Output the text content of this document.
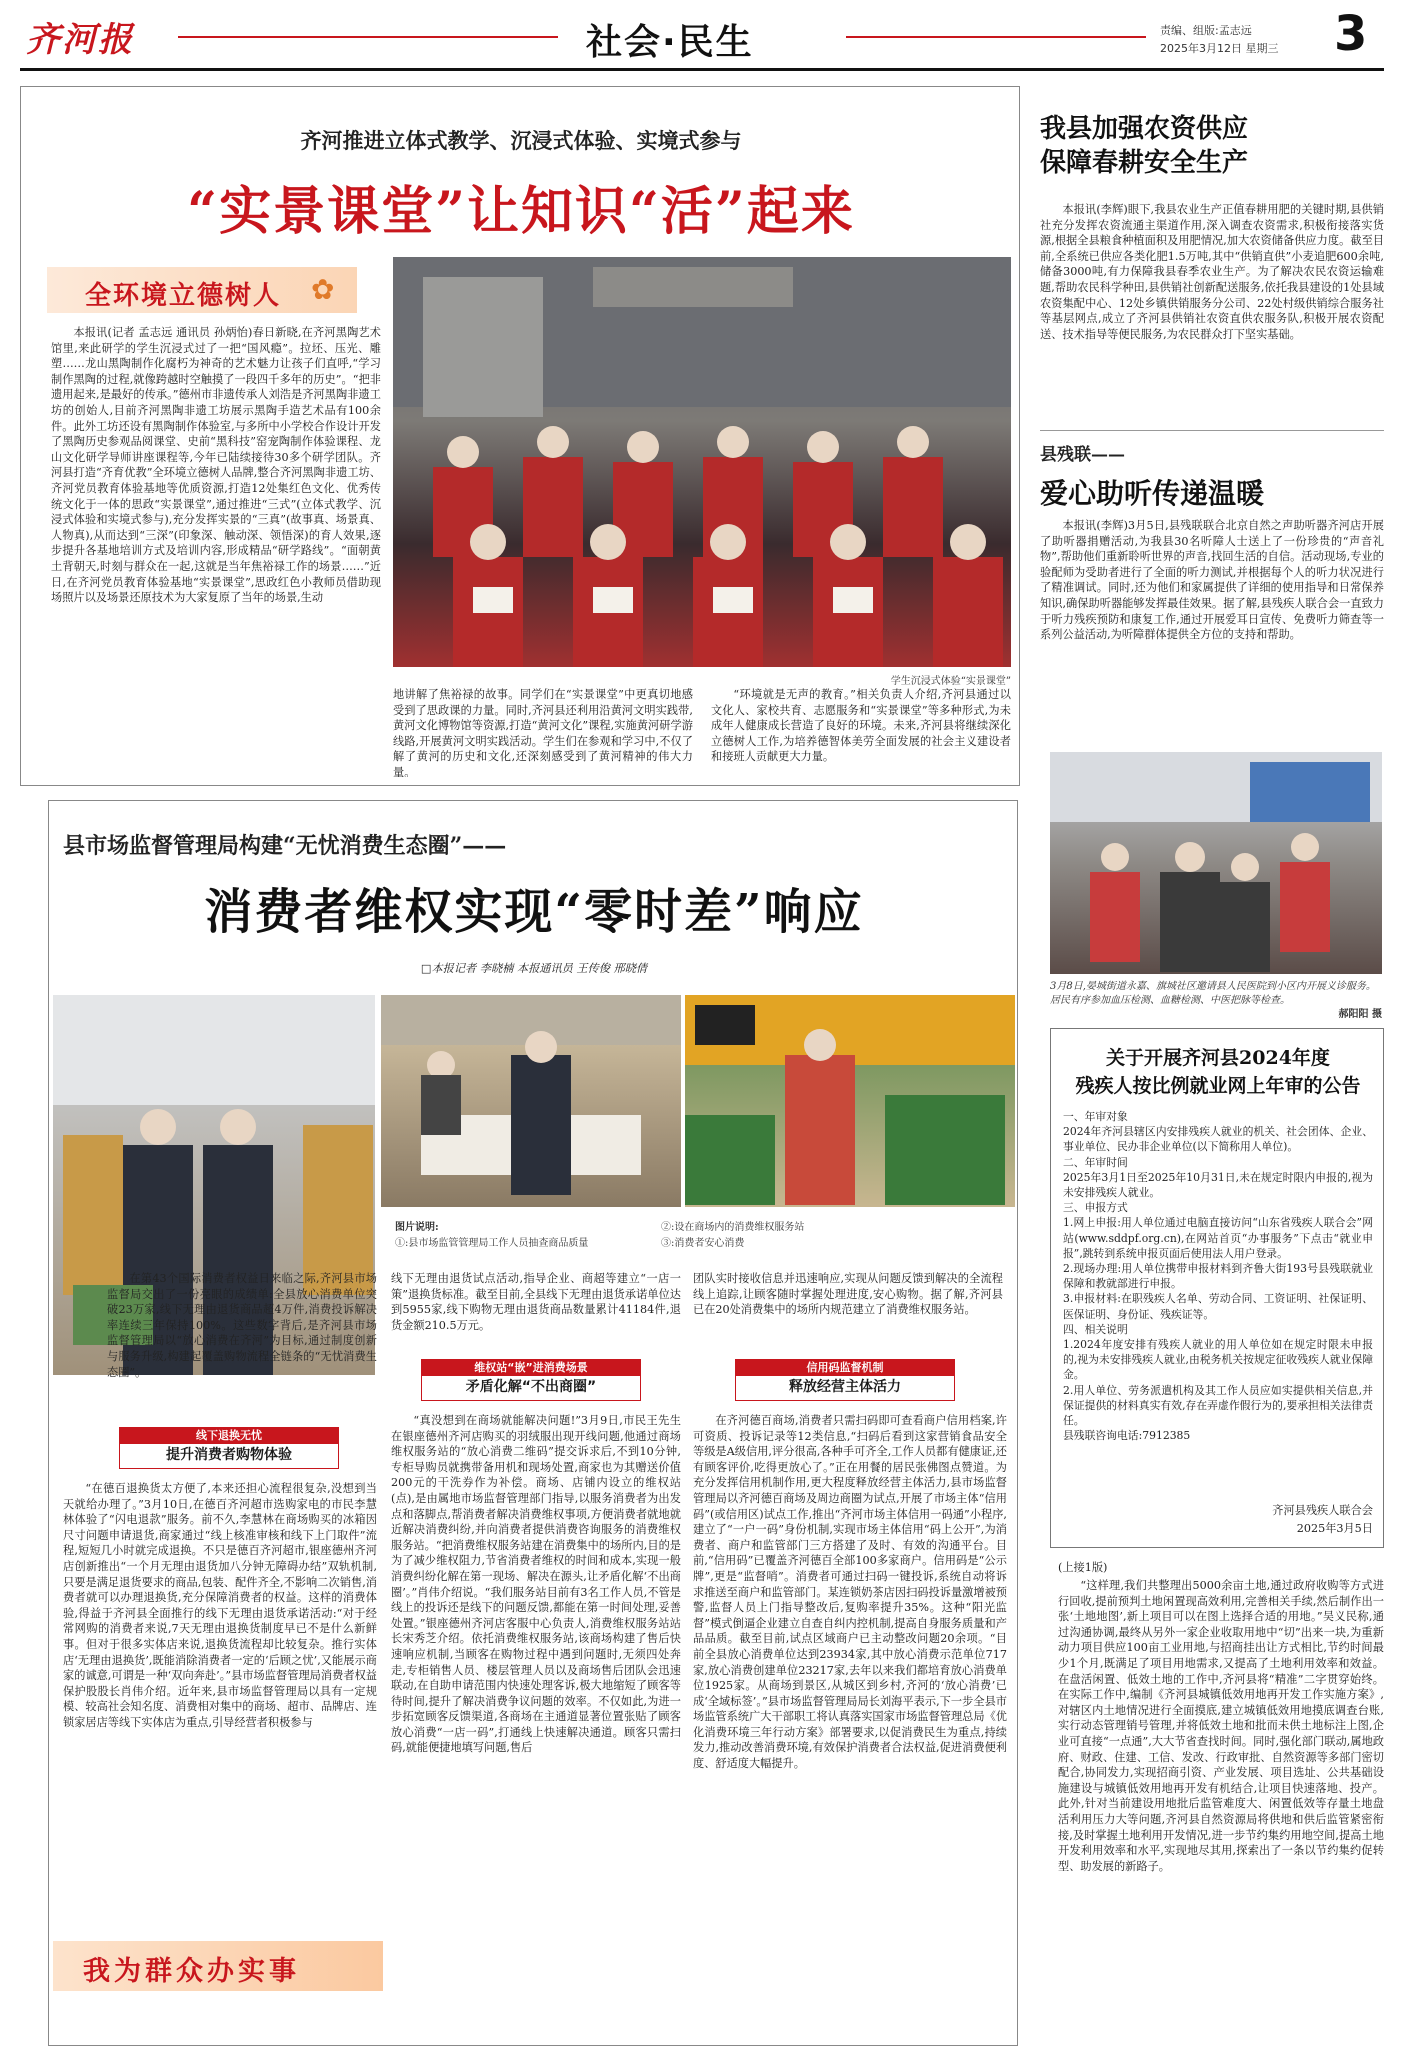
齐河报	社会·民生	责编、组版:孟志远
2025年3月12日 星期三 3
齐河推进立体式教学、沉浸式体验、实境式参与
“实景课堂”让知识“活”起来
全环境立德树人 ✿
本报讯(记者 孟志远 通讯员 孙炳怡)春日新晓,在齐河黑陶艺术馆里,来此研学的学生沉浸式过了一把“国风瘾”。拉坯、压光、雕塑……龙山黑陶制作化腐朽为神奇的艺术魅力让孩子们直呼,“学习制作黑陶的过程,就像跨越时空触摸了一段四千多年的历史”。“把非遗用起来,是最好的传承。”德州市非遗传承人刘浩是齐河黑陶非遗工坊的创始人,目前齐河黑陶非遗工坊展示黑陶手造艺术品有100余件。此外工坊还设有黑陶制作体验室,与多所中小学校合作设计开发了黑陶历史参观品阅课堂、史前“黑科技”窑宠陶制作体验课程、龙山文化研学导师讲座课程等,今年已陆续接待30多个研学团队。齐河县打造“齐育优教”全环境立德树人品牌,整合齐河黑陶非遗工坊、齐河党员教育体验基地等优质资源,打造12处集红色文化、优秀传统文化于一体的思政“实景课堂”,通过推进“三式”(立体式教学、沉浸式体验和实境式参与),充分发挥实景的“三真”(故事真、场景真、人物真),从而达到“三深”(印象深、触动深、领悟深)的育人效果,逐步提升各基地培训方式及培训内容,形成精品“研学路线”。“面朝黄土背朝天,时刻与群众在一起,这就是当年焦裕禄工作的场景……”近日,在齐河党员教育体验基地“实景课堂”,思政红色小教师员借助现场照片以及场景还原技术为大家复原了当年的场景,生动
学生沉浸式体验“实景课堂”
地讲解了焦裕禄的故事。同学们在“实景课堂”中更真切地感受到了思政课的力量。同时,齐河县还利用沿黄河文明实践带,黄河文化博物馆等资源,打造“黄河文化”课程,实施黄河研学游线路,开展黄河文明实践活动。学生们在参观和学习中,不仅了解了黄河的历史和文化,还深刻感受到了黄河精神的伟大力量。
“环境就是无声的教育。”相关负责人介绍,齐河县通过以文化人、家校共育、志愿服务和“实景课堂”等多种形式,为未成年人健康成长营造了良好的环境。未来,齐河县将继续深化立德树人工作,为培养德智体美劳全面发展的社会主义建设者和接班人贡献更大力量。
我县加强农资供应
保障春耕安全生产
本报讯(李辉)眼下,我县农业生产正值春耕用肥的关键时期,县供销社充分发挥农资流通主渠道作用,深入调查农资需求,积极衔接落实货源,根据全县粮食种植面积及用肥情况,加大农资储备供应力度。截至目前,全系统已供应各类化肥1.5万吨,其中“供销直供”小麦追肥600余吨,储备3000吨,有力保障我县春季农业生产。为了解决农民农资运输难题,帮助农民科学种田,县供销社创新配送服务,依托我县建设的1处县域农资集配中心、12处乡镇供销服务分公司、22处村级供销综合服务社等基层网点,成立了齐河县供销社农资直供农服务队,积极开展农资配送、技术指导等便民服务,为农民群众打下坚实基础。
县残联——
爱心助听传递温暖
本报讯(李辉)3月5日,县残联联合北京自然之声助听器齐河店开展了助听器捐赠活动,为我县30名听障人士送上了一份珍贵的“声音礼物”,帮助他们重新聆听世界的声音,找回生活的自信。活动现场,专业的验配师为受助者进行了全面的听力测试,并根据每个人的听力状况进行了精准调试。同时,还为他们和家属提供了详细的使用指导和日常保养知识,确保助听器能够发挥最佳效果。据了解,县残疾人联合会一直致力于听力残疾预防和康复工作,通过开展爱耳日宣传、免费听力筛查等一系列公益活动,为听障群体提供全方位的支持和帮助。
3月8日,晏城街道永嘉、旗城社区邀请县人民医院到小区内开展义诊服务。居民有序参加血压检测、血糖检测、中医把脉等检查。
郝阳阳 摄
关于开展齐河县2024年度
残疾人按比例就业网上年审的公告
一、年审对象
2024年齐河县辖区内安排残疾人就业的机关、社会团体、企业、事业单位、民办非企业单位(以下简称用人单位)。
二、年审时间
2025年3月1日至2025年10月31日,未在规定时限内申报的,视为未安排残疾人就业。
三、申报方式
1.网上申报:用人单位通过电脑直接访问“山东省残疾人联合会”网站(www.sddpf.org.cn),在网站首页“办事服务”下点击“就业申报”,跳转到系统申报页面后使用法人用户登录。
2.现场办理:用人单位携带申报材料到齐鲁大街193号县残联就业保障和教就部进行申报。
3.申报材料:在职残疾人名单、劳动合同、工资证明、社保证明、医保证明、身份证、残疾证等。
四、相关说明
1.2024年度安排有残疾人就业的用人单位如在规定时限未申报的,视为未安排残疾人就业,由税务机关按规定征收残疾人就业保障金。
2.用人单位、劳务派遣机构及其工作人员应如实提供相关信息,并保证提供的材料真实有效,存在弄虚作假行为的,要承担相关法律责任。
县残联咨询电话:7912385
齐河县残疾人联合会
2025年3月5日
(上接1版)
“这样理,我们共整理出5000余亩土地,通过政府收购等方式进行回收,提前预判土地闲置现高效利用,完善相关手续,然后制作出一张‘土地地图’,新上项目可以在图上选择合适的用地。”吴义民称,通过沟通协调,最终从另外一家企业收取用地中“切”出来一块,为重新动力项目供应100亩工业用地,与招商挂出让方式相比,节约时间最少1个月,既满足了项目用地需求,又提高了土地利用效率和效益。在盘活闲置、低效土地的工作中,齐河县将“精准”二字贯穿始终。在实际工作中,编制《齐河县城镇低效用地再开发工作实施方案》,对辖区内土地情况进行全面摸底,建立城镇低效用地摸底调查台账,实行动态管理销号管理,并将低效土地和批而未供土地标注上图,企业可直接“一点通”,大大节省查找时间。同时,强化部门联动,属地政府、财政、住建、工信、发改、行政审批、自然资源等多部门密切配合,协同发力,实现招商引资、产业发展、项目选址、公共基础设施建设与城镇低效用地再开发有机结合,让项目快速落地、投产。此外,针对当前建设用地批后监管难度大、闲置低效等存量土地盘活利用压力大等问题,齐河县自然资源局将供地和供后监管紧密衔接,及时掌握土地利用开发情况,进一步节约集约用地空间,提高土地开发利用效率和水平,实现地尽其用,探索出了一条以节约集约促转型、助发展的新路子。
县市场监督管理局构建“无忧消费生态圈”——
消费者维权实现“零时差”响应
□本报记者 李晓楠 本报通讯员 王传俊 邢晓倩
图片说明:
①:县市场监管管理局工作人员抽查商品质量
②:设在商场内的消费维权服务站
③:消费者安心消费
在第43个国际消费者权益日来临之际,齐河县市场监督局交出了一份亮眼的成绩单:全县放心消费单位突破23万家,线下无理由退货商品超4万件,消费投诉解决率连续三年保持100%。这些数字背后,是齐河县市场监督管理局以“放心消费在齐河”为目标,通过制度创新与服务升级,构建起覆盖购物流程全链条的“无忧消费生态圈”。
线下无理由退货试点活动,指导企业、商超等建立“一店一策”退换货标准。截至目前,全县线下无理由退货承诺单位达到5955家,线下购物无理由退货商品数量累计41184件,退货金额210.5万元。
团队实时接收信息并迅速响应,实现从问题反馈到解决的全流程线上追踪,让顾客随时掌握处理进度,安心购物。据了解,齐河县已在20处消费集中的场所内规范建立了消费维权服务站。
线下退换无忧
提升消费者购物体验
维权站“嵌”进消费场景
矛盾化解“不出商圈”
信用码监督机制
释放经营主体活力
“在德百退换货太方便了,本来还担心流程很复杂,没想到当天就给办理了。”3月10日,在德百齐河超市选购家电的市民李慧林体验了“闪电退款”服务。前不久,李慧林在商场购买的冰箱因尺寸问题申请退货,商家通过“线上核准审核和线下上门取件”流程,短短几小时就完成退换。不只是德百齐河超市,银座德州齐河店创新推出“一个月无理由退货加八分钟无障碍办结”双轨机制,只要是满足退货要求的商品,包装、配件齐全,不影响二次销售,消费者就可以办理退换货,充分保障消费者的权益。这样的消费体验,得益于齐河县全面推行的线下无理由退货承诺活动:“对于经常网购的消费者来说,7天无理由退换货制度早已不是什么新鲜事。但对于很多实体店来说,退换货流程却比较复杂。推行实体店‘无理由退换货’,既能消除消费者一定的‘后顾之忧’,又能展示商家的诚意,可谓是一种‘双向奔赴’。”县市场监督管理局消费者权益保护股股长肖伟介绍。近年来,县市场监督管理局以具有一定规模、较高社会知名度、消费相对集中的商场、超市、品牌店、连锁家居店等线下实体店为重点,引导经营者积极参与
“真没想到在商场就能解决问题!”3月9日,市民王先生在银座德州齐河店购买的羽绒服出现开线问题,他通过商场维权服务站的“放心消费二维码”提交诉求后,不到10分钟,专柜导购员就携带备用机和现场处置,商家也为其赠送价值200元的干洗券作为补偿。商场、店铺内设立的维权站(点),是由属地市场监督管理部门指导,以服务消费者为出发点和落脚点,帮消费者解决消费维权事项,方便消费者就地就近解决消费纠纷,并向消费者提供消费咨询服务的消费维权服务站。“把消费维权服务站建在消费集中的场所内,目的是为了减少维权阻力,节省消费者维权的时间和成本,实现一般消费纠纷化解在第一现场、解决在源头,让矛盾化解‘不出商圈’。”肖伟介绍说。“我们服务站目前有3名工作人员,不管是线上的投诉还是线下的问题反馈,都能在第一时间处理,妥善处置。”银座德州齐河店客服中心负责人,消费维权服务站站长宋秀芝介绍。依托消费维权服务站,该商场构建了售后快速响应机制,当顾客在购物过程中遇到问题时,无须四处奔走,专柜销售人员、楼层管理人员以及商场售后团队会迅速联动,在自助申请范围内快速处理客诉,极大地缩短了顾客等待时间,提升了解决消费争议问题的效率。不仅如此,为进一步拓宽顾客反馈渠道,各商场在主通道显著位置张贴了顾客放心消费“一店一码”,打通线上快速解决通道。顾客只需扫码,就能便捷地填写问题,售后
在齐河德百商场,消费者只需扫码即可查看商户信用档案,许可资质、投诉记录等12类信息,“扫码后看到这家营销食品安全等级是A级信用,评分很高,各种手可齐全,工作人员都有健康证,还有顾客评价,吃得更放心了。”正在用餐的居民张佛图点赞道。为充分发挥信用机制作用,更大程度释放经营主体活力,县市场监督管理局以齐河德百商场及周边商圈为试点,开展了市场主体“信用码”(或信用区)试点工作,推出“齐河市场主体信用一码通”小程序,建立了“一户一码”身份机制,实现市场主体信用“码上公开”,为消费者、商户和监管部门三方搭建了及时、有效的沟通平台。目前,“信用码”已覆盖齐河德百全部100多家商户。信用码是“公示牌”,更是“监督哨”。消费者可通过扫码一键投诉,系统自动将诉求推送至商户和监管部门。某连锁奶茶店因扫码投诉量激增被预警,监督人员上门指导整改后,复购率提升35%。这种“阳光监督”模式倒逼企业建立自查自纠内控机制,提高自身服务质量和产品品质。截至目前,试点区域商户已主动整改问题20余项。“目前全县放心消费单位达到23934家,其中放心消费示范单位717家,放心消费创建单位23217家,去年以来我们都培育放心消费单位1925家。从商场到景区,从城区到乡村,齐河的‘放心消费’已成‘全域标签’。”县市场监督管理局局长刘海平表示,下一步全县市场监管系统广大干部职工将认真落实国家市场监督管理总局《优化消费环境三年行动方案》部署要求,以促消费民生为重点,持续发力,推动改善消费环境,有效保护消费者合法权益,促进消费便利度、舒适度大幅提升。
我为群众办实事
